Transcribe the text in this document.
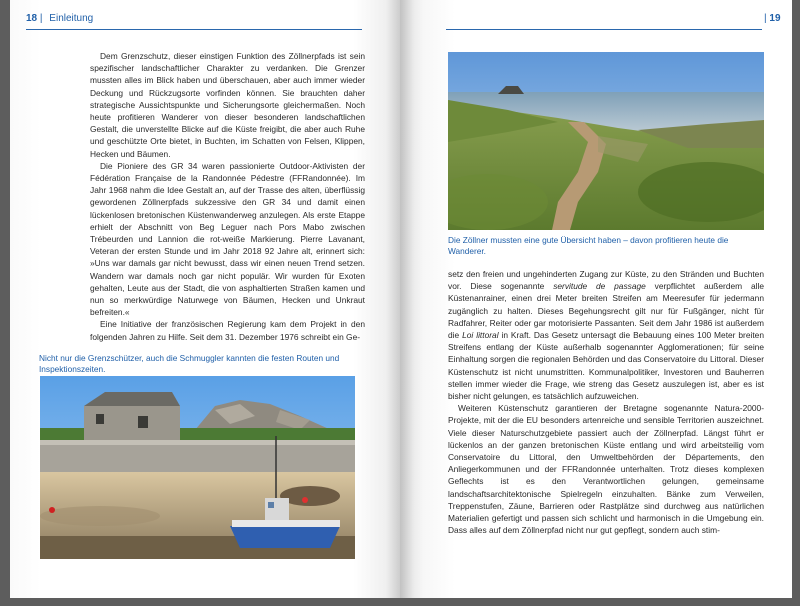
18 | Einleitung

Dem Grenzschutz, dieser einstigen Funktion des Zöllnerpfads ist sein spezifischer landschaftlicher Charakter zu verdanken. Die Grenzer mussten alles im Blick haben und überschauen, aber auch immer wieder Deckung und Rückzugsorte vorfinden können. Sie brauchten daher strategische Aussichtspunkte und Sicherungsorte gleichermaßen. Noch heute profitieren Wanderer von dieser besonderen landschaftlichen Gestalt, die unverstellte Blicke auf die Küste freigibt, die aber auch Ruhe und geschützte Orte bietet, in Buchten, im Schatten von Felsen, Klippen, Hecken und Bäumen.

Die Pioniere des GR 34 waren passionierte Outdoor-Aktivisten der Fédération Française de la Randonnée Pédestre (FFRandonnée). Im Jahr 1968 nahm die Idee Gestalt an, auf der Trasse des alten, überflüssig gewordenen Zöllnerpfads sukzessive den GR 34 und damit einen lückenlosen bretonischen Küstenwanderweg anzulegen. Als erste Etappe erhielt der Abschnitt von Beg Leguer nach Pors Mabo zwischen Trébeurden und Lannion die rot-weiße Markierung. Pierre Lavanant, Veteran der ersten Stunde und im Jahr 2018 92 Jahre alt, erinnert sich: »Uns war damals gar nicht bewusst, dass wir einen neuen Trend setzen. Wandern war damals noch gar nicht populär. Wir wurden für Exoten gehalten, Leute aus der Stadt, die von asphaltierten Straßen kamen und nun so merkwürdige Naturwege von Bäumen, Hecken und Unkraut befreiten.«

Eine Initiative der französischen Regierung kam dem Projekt in den folgenden Jahren zu Hilfe. Seit dem 31. Dezember 1976 schreibt ein Ge-

Nicht nur die Grenzschützer, auch die Schmuggler kannten die festen Routen und Inspektionszeiten.
| 19
Die Zöllner mussten eine gute Übersicht haben – davon profitieren heute die Wanderer.

setz den freien und ungehinderten Zugang zur Küste, zu den Stränden und Buchten vor. Diese sogenannte servitude de passage verpflichtet außerdem alle Küstenanrainer, einen drei Meter breiten Streifen am Meeresufer für jedermann zugänglich zu halten. Dieses Begehungsrecht gilt nur für Fußgänger, nicht für Radfahrer, Reiter oder gar motorisierte Passanten. Seit dem Jahr 1986 ist außerdem die Loi littoral in Kraft. Das Gesetz untersagt die Bebauung eines 100 Meter breiten Streifens entlang der Küste außerhalb sogenannter Agglomerationen; für seine Einhaltung sorgen die regionalen Behörden und das Conservatoire du Littoral. Dieser Küstenschutz ist nicht unumstritten. Kommunalpolitiker, Investoren und Bauherren stellen immer wieder die Frage, wie streng das Gesetz auszulegen ist, aber es ist bisher nicht gelungen, es tatsächlich aufzuweichen.

Weiteren Küstenschutz garantieren der Bretagne sogenannte Natura-2000-Projekte, mit der die EU besonders artenreiche und sensible Territorien auszeichnet. Viele dieser Naturschutzgebiete passiert auch der Zöllnerpfad. Längst führt er lückenlos an der ganzen bretonischen Küste entlang und wird arbeitsteilig vom Conservatoire du Littoral, den Umweltbehörden der Départements, den Anliegerkommunen und der FFRandonnée unterhalten. Trotz dieses komplexen Geflechts ist es den Verantwortlichen gelungen, gemeinsame landschaftsarchitektonische Spielregeln einzuhalten. Bänke zum Verweilen, Treppenstufen, Zäune, Barrieren oder Rastplätze sind durchweg aus natürlichen Materialien gefertigt und passen sich schlicht und harmonisch in die Umgebung ein. Dass alles auf dem Zöllnerpfad nicht nur gut gepflegt, sondern auch stim-
